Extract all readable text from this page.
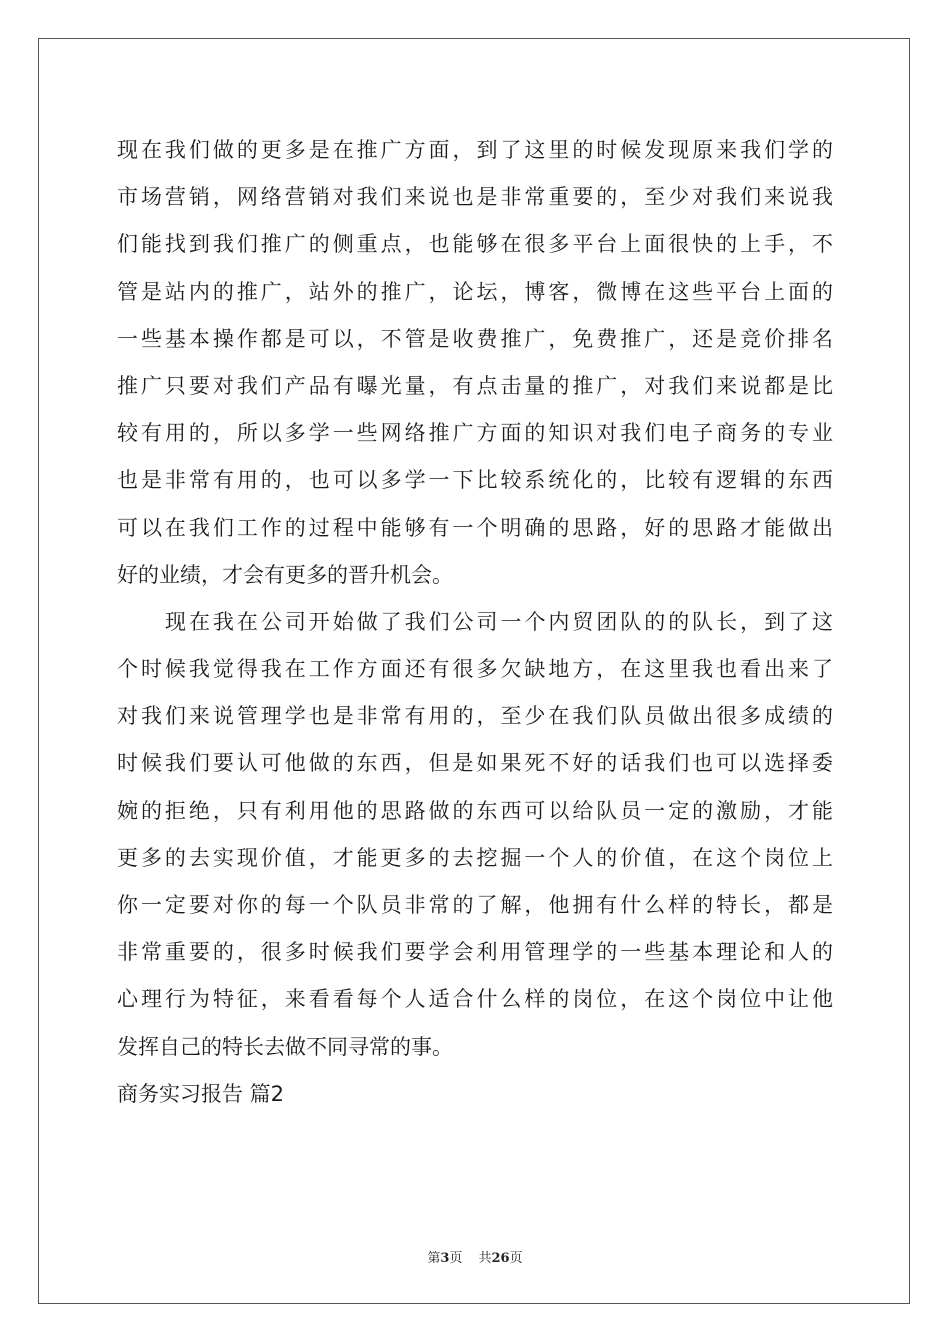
现在我们做的更多是在推广方面，到了这里的时候发现原来我们学的
市场营销，网络营销对我们来说也是非常重要的，至少对我们来说我
们能找到我们推广的侧重点，也能够在很多平台上面很快的上手，不
管是站内的推广，站外的推广，论坛，博客，微博在这些平台上面的
一些基本操作都是可以，不管是收费推广，免费推广，还是竞价排名
推广只要对我们产品有曝光量，有点击量的推广，对我们来说都是比
较有用的，所以多学一些网络推广方面的知识对我们电子商务的专业
也是非常有用的，也可以多学一下比较系统化的，比较有逻辑的东西
可以在我们工作的过程中能够有一个明确的思路，好的思路才能做出
好的业绩，才会有更多的晋升机会。
现在我在公司开始做了我们公司一个内贸团队的的队长，到了这
个时候我觉得我在工作方面还有很多欠缺地方，在这里我也看出来了
对我们来说管理学也是非常有用的，至少在我们队员做出很多成绩的
时候我们要认可他做的东西，但是如果死不好的话我们也可以选择委
婉的拒绝，只有利用他的思路做的东西可以给队员一定的激励，才能
更多的去实现价值，才能更多的去挖掘一个人的价值，在这个岗位上
你一定要对你的每一个队员非常的了解，他拥有什么样的特长，都是
非常重要的，很多时候我们要学会利用管理学的一些基本理论和人的
心理行为特征，来看看每个人适合什么样的岗位，在这个岗位中让他
发挥自己的特长去做不同寻常的事。
商务实习报告 篇2
第3页 共26页
